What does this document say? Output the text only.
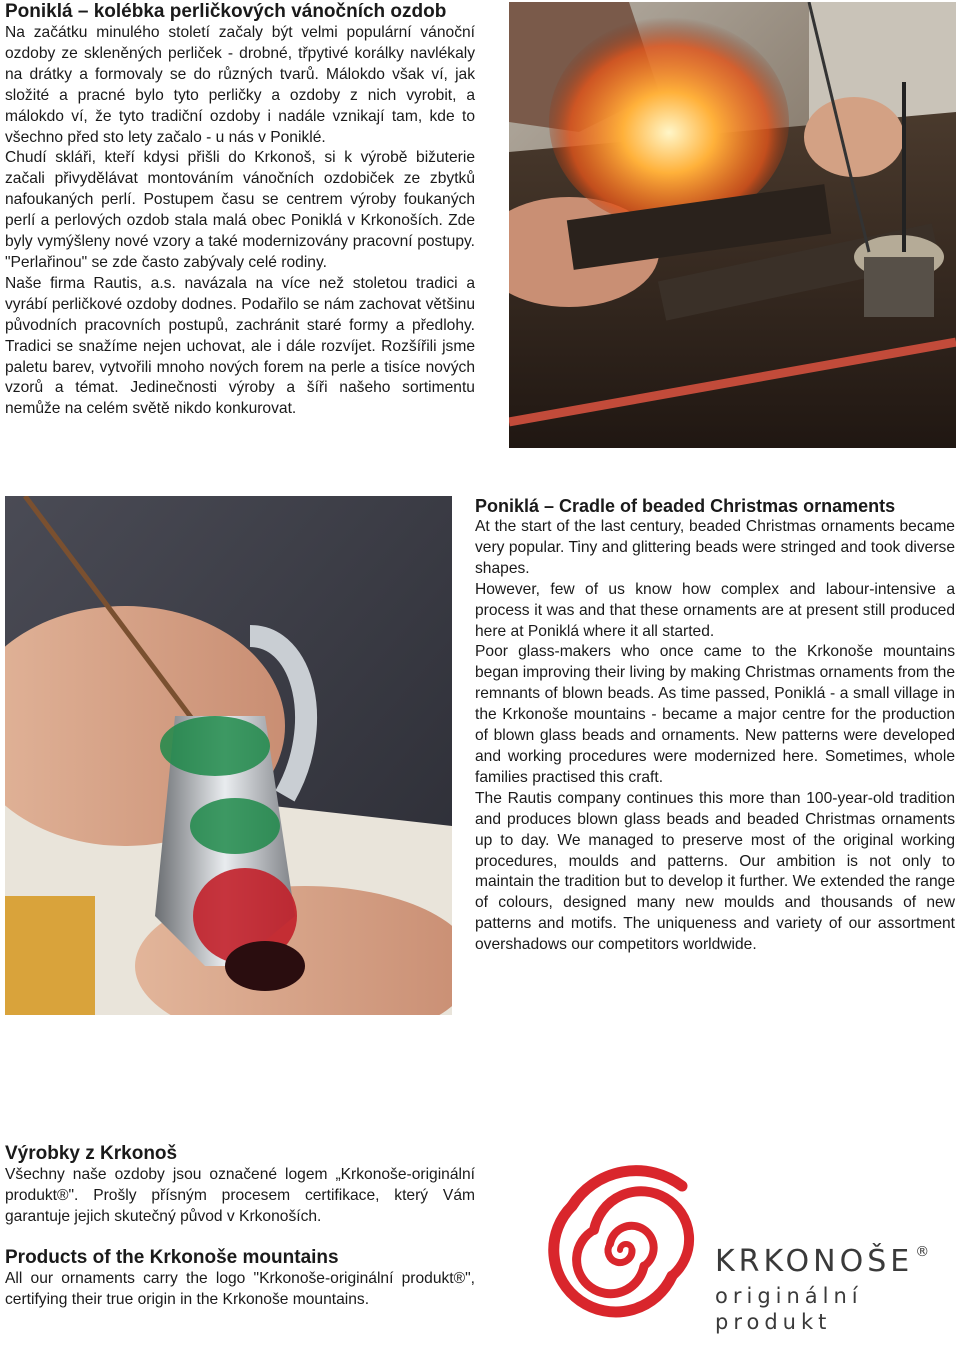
Poniklá – kolébka perličkových vánočních ozdob

Na začátku minulého století začaly být velmi populární vánoční ozdoby ze skleněných perliček - drobné, třpytivé korálky navlékaly na drátky a formovaly se do různých tvarů. Málokdo však ví, jak složité a pracné bylo tyto perličky a ozdoby z nich vyrobit, a málokdo ví, že tyto tradiční ozdoby i nadále vznikají tam, kde to všechno před sto lety začalo - u nás v Poniklé.

Chudí skláři, kteří kdysi přišli do Krkonoš, si k výrobě bižuterie začali přivydělávat montováním vánočních ozdobiček ze zbytků nafoukaných perlí. Postupem času se centrem výroby foukaných perlí a perlových ozdob stala malá obec Poniklá v Krkonoších. Zde byly vymýšleny nové vzory a také modernizovány pracovní postupy. "Perlařinou" se zde často zabývaly celé rodiny.

Naše firma Rautis, a.s. navázala na více než stoletou tradici a vyrábí perličkové ozdoby dodnes. Podařilo se nám zachovat většinu původních pracovních postupů, zachránit staré formy a předlohy. Tradici se snažíme nejen uchovat, ale i dále rozvíjet. Rozšířili jsme paletu barev, vytvořili mnoho nových forem na perle a tisíce nových vzorů a témat. Jedinečnosti výroby a šíři našeho sortimentu nemůže na celém světě nikdo konkurovat.

Poniklá – Cradle of beaded Christmas ornaments

At the start of the last century, beaded Christmas ornaments became very popular. Tiny and glittering beads were stringed and took diverse shapes.

However, few of us know how complex and labour-intensive a process it was and that these ornaments are at present still produced here at Poniklá where it all started.

Poor glass-makers who once came to the Krkonoše mountains began improving their living by making Christmas ornaments from the remnants of blown beads. As time passed, Poniklá - a small village in the Krkonoše mountains - became a major centre for the production of blown glass beads and ornaments. New patterns were developed and working procedures were modernized here. Sometimes, whole families practised this craft.

The Rautis company continues this more than 100-year-old tradition and produces blown glass beads and beaded Christmas ornaments up to day. We managed to preserve most of the original working procedures, moulds and patterns. Our ambition is not only to maintain the tradition but to develop it further. We extended the range of colours, designed many new moulds and thousands of new patterns and motifs. The uniqueness and variety of our assortment overshadows our competitors worldwide.

Výrobky z Krkonoš

Všechny naše ozdoby jsou označené logem „Krkonoše-originální produkt®". Prošly přísným procesem certifikace, který Vám garantuje jejich skutečný původ v Krkonoších.

Products of the Krkonoše mountains

All our ornaments carry the logo "Krkonoše-originální produkt®", certifying their true origin in the Krkonoše mountains.

KRKONOŠE ®
originální
produkt
